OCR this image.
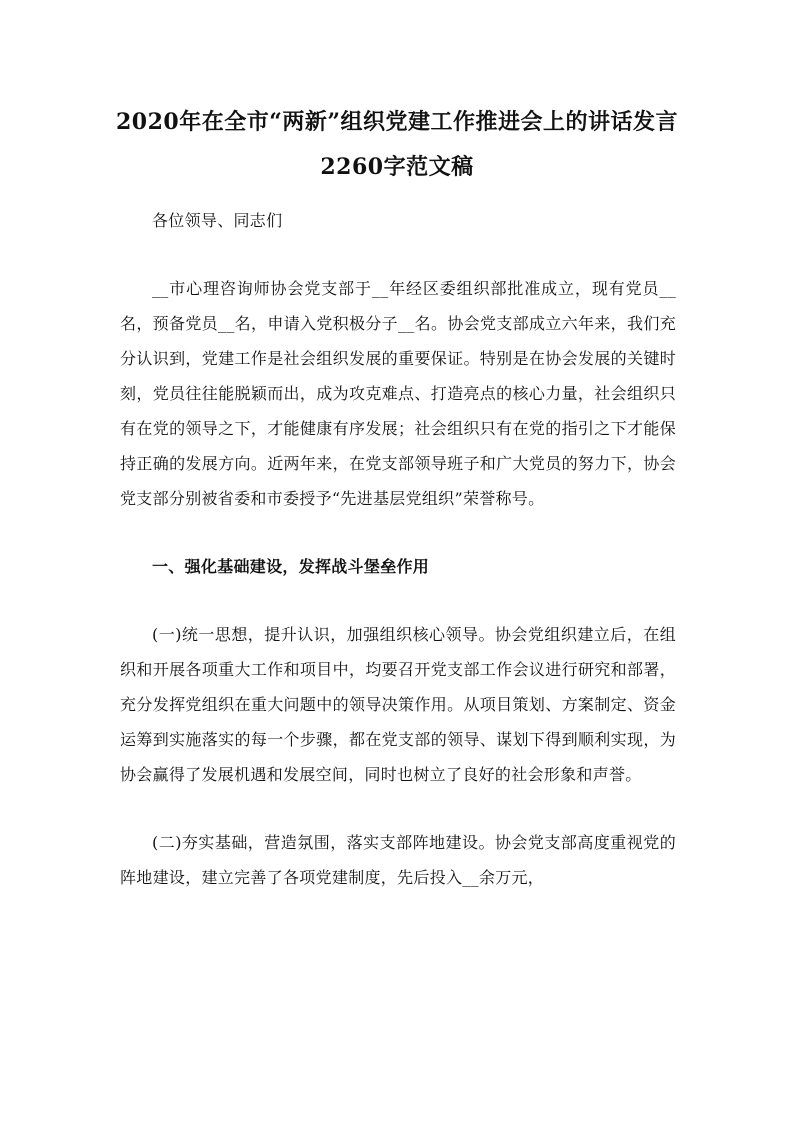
2020年在全市“两新”组织党建工作推进会上的讲话发言2260字范文稿

各位领导、同志们

__市心理咨询师协会党支部于__年经区委组织部批准成立，现有党员__名，预备党员__名，申请入党积极分子__名。协会党支部成立六年来，我们充分认识到，党建工作是社会组织发展的重要保证。特别是在协会发展的关键时刻，党员往往能脱颖而出，成为攻克难点、打造亮点的核心力量，社会组织只有在党的领导之下，才能健康有序发展；社会组织只有在党的指引之下才能保持正确的发展方向。近两年来，在党支部领导班子和广大党员的努力下，协会党支部分别被省委和市委授予“先进基层党组织”荣誉称号。

一、强化基础建设，发挥战斗堡垒作用

(一)统一思想，提升认识，加强组织核心领导。协会党组织建立后，在组织和开展各项重大工作和项目中，均要召开党支部工作会议进行研究和部署，充分发挥党组织在重大问题中的领导决策作用。从项目策划、方案制定、资金运筹到实施落实的每一个步骤，都在党支部的领导、谋划下得到顺利实现，为协会赢得了发展机遇和发展空间，同时也树立了良好的社会形象和声誉。

(二)夯实基础，营造氛围，落实支部阵地建设。协会党支部高度重视党的阵地建设，建立完善了各项党建制度，先后投入__余万元，
